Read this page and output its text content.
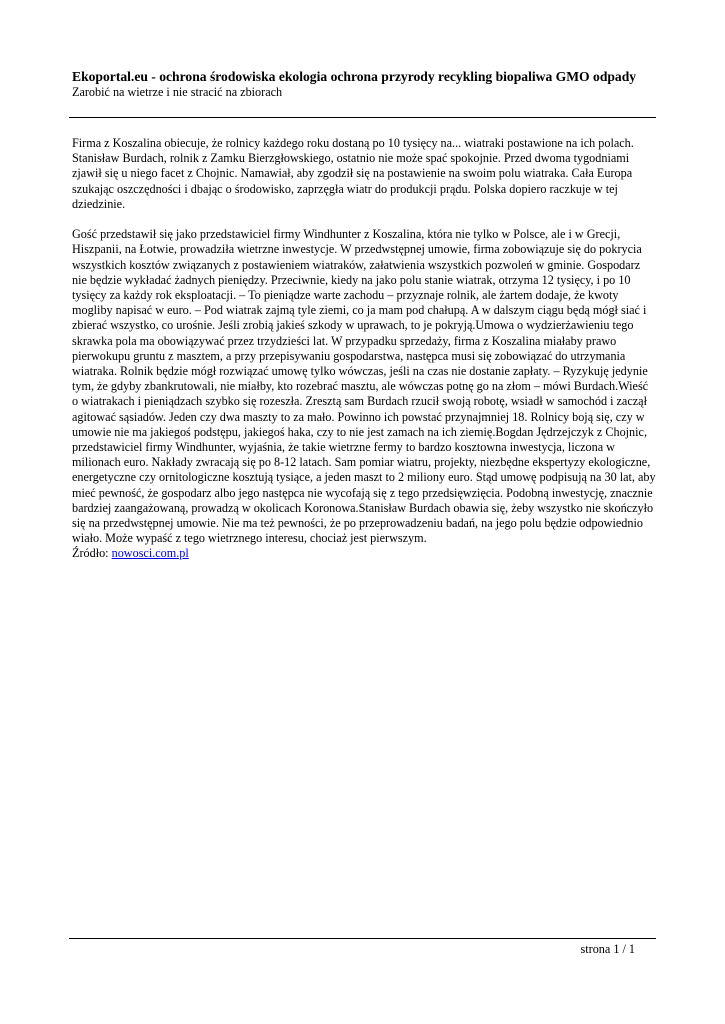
Ekoportal.eu - ochrona środowiska ekologia ochrona przyrody recykling biopaliwa GMO odpady

Zarobić na wietrze i nie stracić na zbiorach

Firma z Koszalina obiecuje, że rolnicy każdego roku dostaną po 10 tysięcy na... wiatraki postawione na ich polach.
Stanisław Burdach, rolnik z Zamku Bierzgłowskiego, ostatnio nie może spać spokojnie. Przed dwoma tygodniami
zjawił się u niego facet z Chojnic. Namawiał, aby zgodził się na postawienie na swoim polu wiatraka. Cała Europa
szukając oszczędności i dbając o środowisko, zaprzęgła wiatr do produkcji prądu. Polska dopiero raczkuje w tej
dziedzinie.
Gość przedstawił się jako przedstawiciel firmy Windhunter z Koszalina, która nie tylko w Polsce, ale i w Grecji,
Hiszpanii, na Łotwie, prowadziła wietrzne inwestycje. W przedwstępnej umowie, firma zobowiązuje się do pokrycia
wszystkich kosztów związanych z postawieniem wiatraków, załatwienia wszystkich pozwoleń w gminie. Gospodarz
nie będzie wykładać żadnych pieniędzy. Przeciwnie, kiedy na jako polu stanie wiatrak, otrzyma 12 tysięcy, i po 10
tysięcy za każdy rok eksploatacji. – To pieniądze warte zachodu – przyznaje rolnik, ale żartem dodaje, że kwoty
mogliby napisać w euro. – Pod wiatrak zajmą tyle ziemi, co ja mam pod chałupą. A w dalszym ciągu będą mógł siać i
zbierać wszystko, co urośnie. Jeśli zrobią jakieś szkody w uprawach, to je pokryją.Umowa o wydzierżawieniu tego
skrawka pola ma obowiązywać przez trzydzieści lat. W przypadku sprzedaży, firma z Koszalina miałaby prawo
pierwokupu gruntu z masztem, a przy przepisywaniu gospodarstwa, następca musi się zobowiązać do utrzymania
wiatraka. Rolnik będzie mógł rozwiązać umowę tylko wówczas, jeśli na czas nie dostanie zapłaty. – Ryzykuję jedynie
tym, że gdyby zbankrutowali, nie miałby, kto rozebrać masztu, ale wówczas potnę go na złom – mówi Burdach.Wieść
o wiatrakach i pieniądzach szybko się rozeszła. Zresztą sam Burdach rzucił swoją robotę, wsiadł w samochód i zaczął
agitować sąsiadów. Jeden czy dwa maszty to za mało. Powinno ich powstać przynajmniej 18. Rolnicy boją się, czy w
umowie nie ma jakiegoś podstępu, jakiegoś haka, czy to nie jest zamach na ich ziemię.Bogdan Jędrzejczyk z Chojnic,
przedstawiciel firmy Windhunter, wyjaśnia, że takie wietrzne fermy to bardzo kosztowna inwestycja, liczona w
milionach euro. Nakłady zwracają się po 8-12 latach. Sam pomiar wiatru, projekty, niezbędne ekspertyzy ekologiczne,
energetyczne czy ornitologiczne kosztują tysiące, a jeden maszt to 2 miliony euro. Stąd umowę podpisują na 30 lat, aby
mieć pewność, że gospodarz albo jego następca nie wycofają się z tego przedsięwzięcia. Podobną inwestycję, znacznie
bardziej zaangażowaną, prowadzą w okolicach Koronowa.Stanisław Burdach obawia się, żeby wszystko nie skończyło
się na przedwstępnej umowie. Nie ma też pewności, że po przeprowadzeniu badań, na jego polu będzie odpowiednio
wiało. Może wypaść z tego wietrznego interesu, chociaż jest pierwszym.
Źródło: nowosci.com.pl
strona 1 / 1
